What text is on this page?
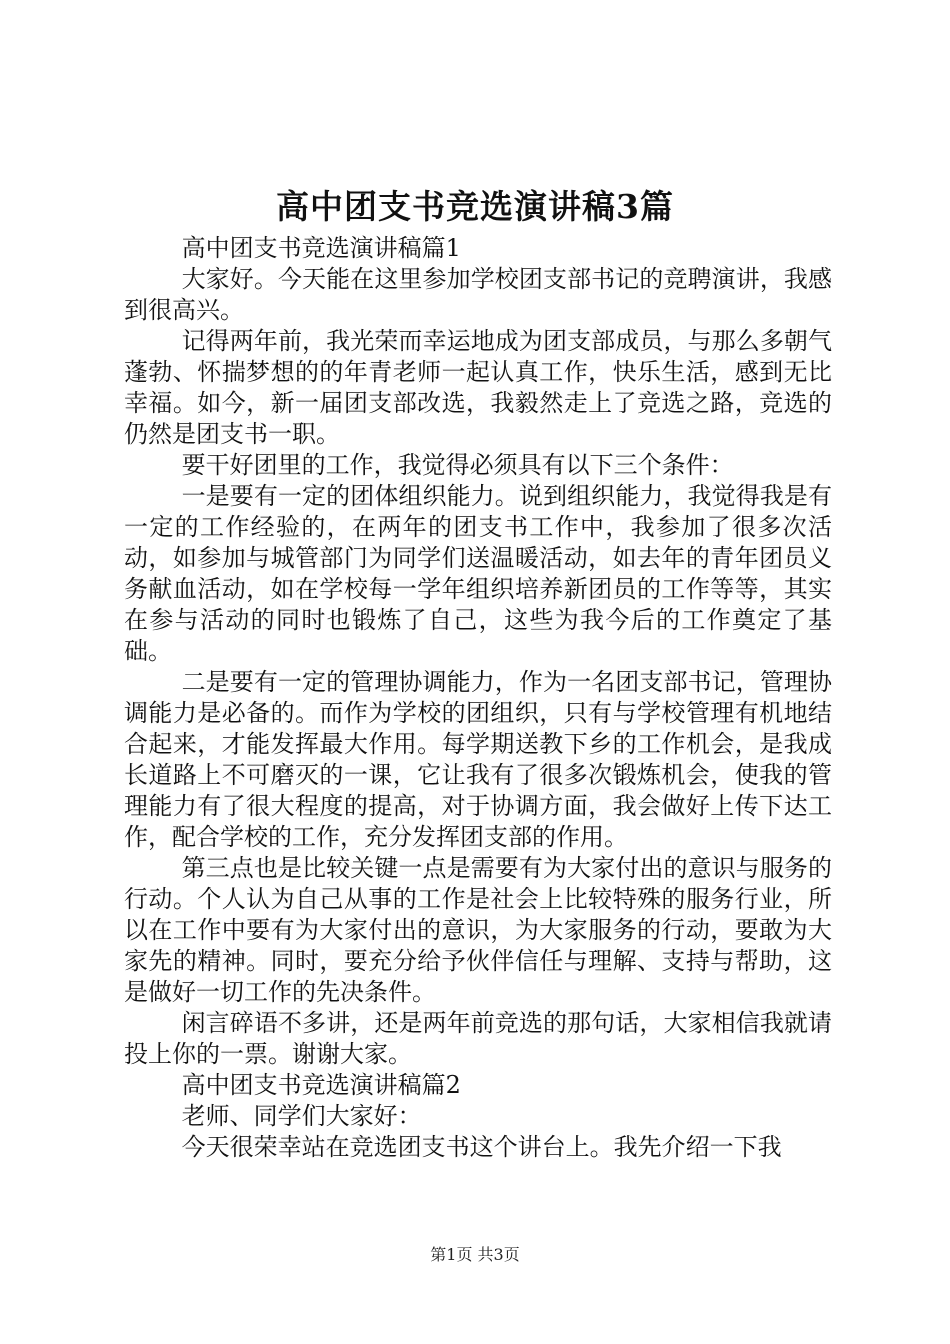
高中团支书竞选演讲稿3篇

高中团支书竞选演讲稿篇1

大家好。今天能在这里参加学校团支部书记的竞聘演讲，我感到很高兴。

记得两年前，我光荣而幸运地成为团支部成员，与那么多朝气蓬勃、怀揣梦想的的年青老师一起认真工作，快乐生活，感到无比幸福。如今，新一届团支部改选，我毅然走上了竞选之路，竞选的仍然是团支书一职。

要干好团里的工作，我觉得必须具有以下三个条件：

一是要有一定的团体组织能力。说到组织能力，我觉得我是有一定的工作经验的，在两年的团支书工作中，我参加了很多次活动，如参加与城管部门为同学们送温暖活动，如去年的青年团员义务献血活动，如在学校每一学年组织培养新团员的工作等等，其实在参与活动的同时也锻炼了自己，这些为我今后的工作奠定了基础。

二是要有一定的管理协调能力，作为一名团支部书记，管理协调能力是必备的。而作为学校的团组织，只有与学校管理有机地结合起来，才能发挥最大作用。每学期送教下乡的工作机会，是我成长道路上不可磨灭的一课，它让我有了很多次锻炼机会，使我的管理能力有了很大程度的提高，对于协调方面，我会做好上传下达工作，配合学校的工作，充分发挥团支部的作用。

第三点也是比较关键一点是需要有为大家付出的意识与服务的行动。个人认为自己从事的工作是社会上比较特殊的服务行业，所以在工作中要有为大家付出的意识，为大家服务的行动，要敢为大家先的精神。同时，要充分给予伙伴信任与理解、支持与帮助，这是做好一切工作的先决条件。

闲言碎语不多讲，还是两年前竞选的那句话，大家相信我就请投上你的一票。谢谢大家。

高中团支书竞选演讲稿篇2

老师、同学们大家好：

今天很荣幸站在竞选团支书这个讲台上。我先介绍一下我

第1页 共3页
